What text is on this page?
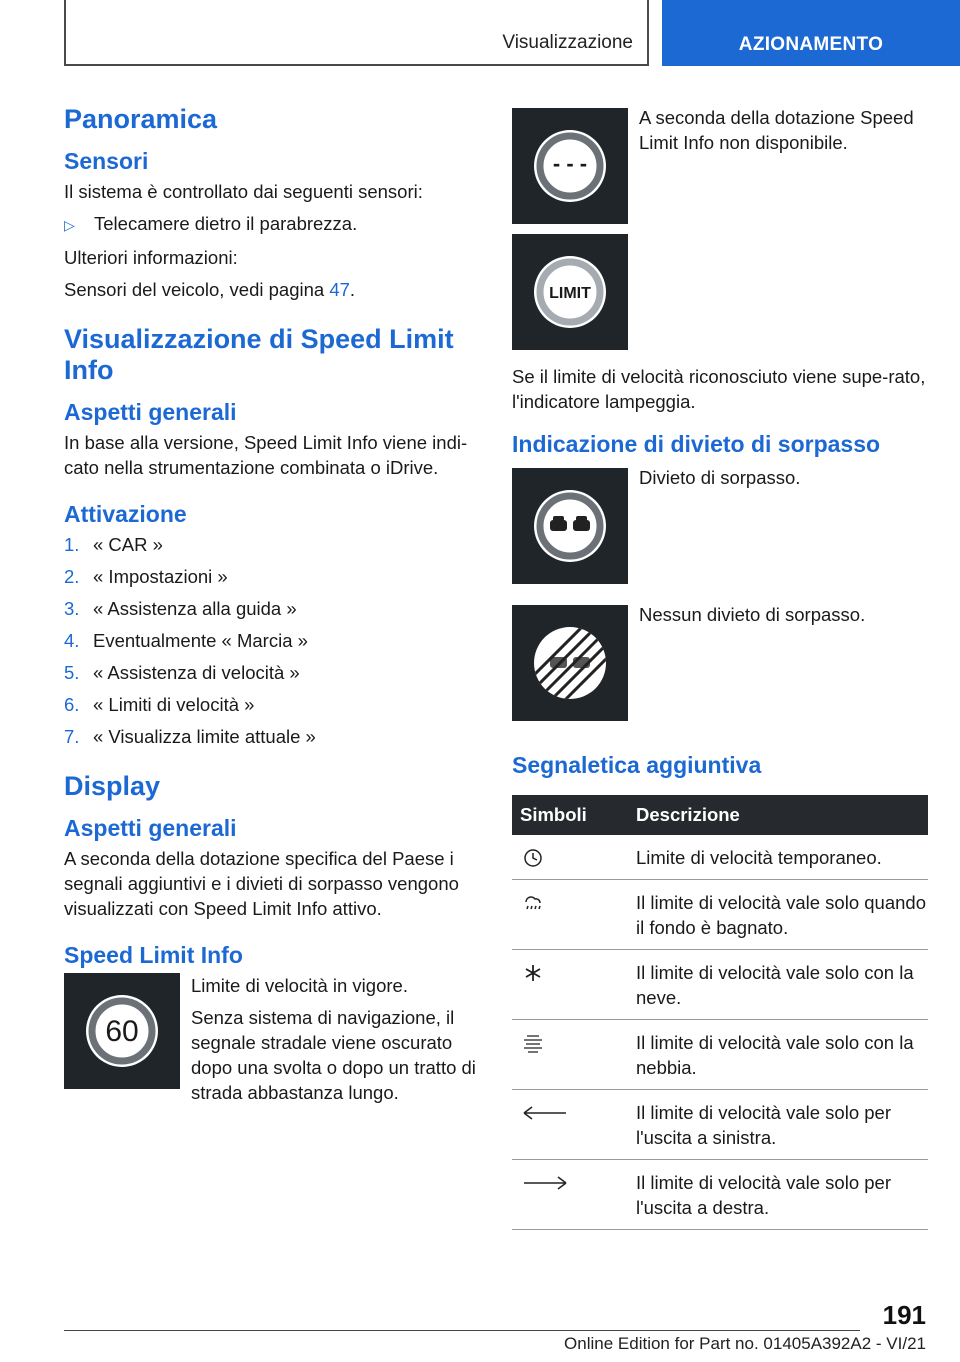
Visualizzazione	AZIONAMENTO
Panoramica
Sensori

Il sistema è controllato dai seguenti sensori:

▷	Telecamere dietro il parabrezza.

Ulteriori informazioni:

Sensori del veicolo, vedi pagina 47.

Visualizzazione di Speed Limit Info
Aspetti generali

In base alla versione, Speed Limit Info viene indi-cato nella strumentazione combinata o iDrive.

Attivazione
1. « CAR »
2. « Impostazioni »
3. « Assistenza alla guida »
4. Eventualmente « Marcia »
5. « Assistenza di velocità »
6. « Limiti di velocità »
7. « Visualizza limite attuale »
Display
Aspetti generali

A seconda della dotazione specifica del Paese i segnali aggiuntivi e i divieti di sorpasso vengono visualizzati con Speed Limit Info attivo.

Speed Limit Info
60

Limite di velocità in vigore.

Senza sistema di navigazione, il segnale stradale viene oscurato dopo una svolta o dopo un tratto di strada abbastanza lungo.

- - -

A seconda della dotazione Speed Limit Info non disponibile.

LIMIT

Se il limite di velocità riconosciuto viene supe-rato, l'indicatore lampeggia.

Indicazione di divieto di sorpasso

Divieto di sorpasso.

Nessun divieto di sorpasso.

Segnaletica aggiuntiva
Simboli	Descrizione

	Limite di velocità temporaneo.

	Il limite di velocità vale solo quando il fondo è bagnato.

	Il limite di velocità vale solo con la neve.

	Il limite di velocità vale solo con la nebbia.

	Il limite di velocità vale solo per l'uscita a sinistra.

	Il limite di velocità vale solo per l'uscita a destra.
191
Online Edition for Part no. 01405A392A2 - VI/21
